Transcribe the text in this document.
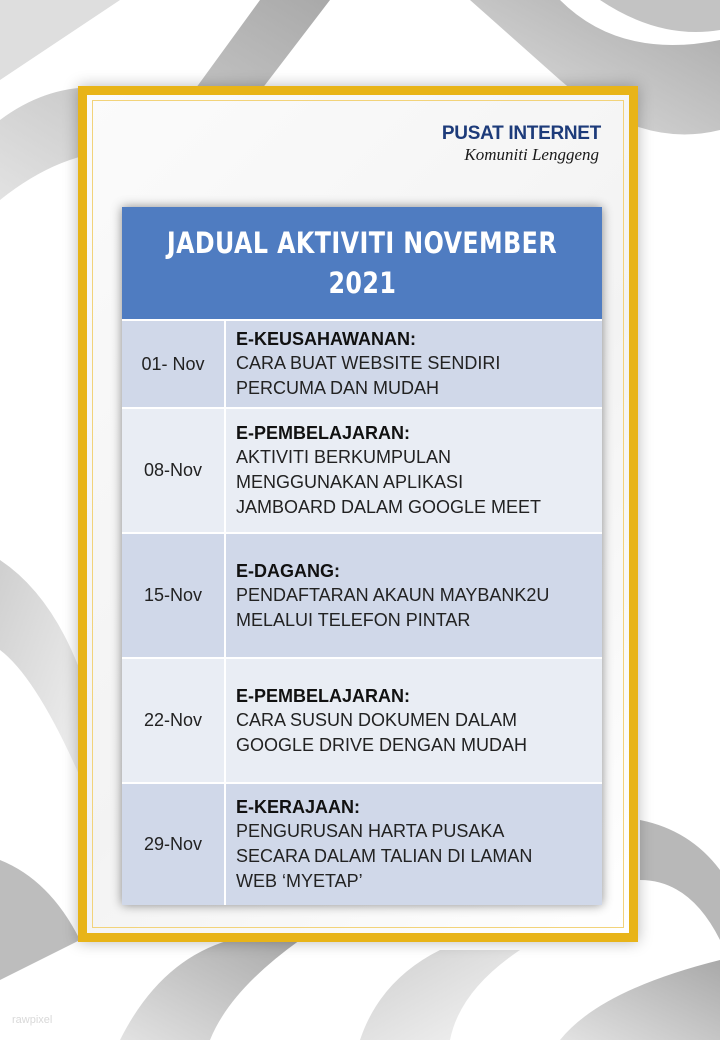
PUSAT INTERNET
Komuniti Lenggeng
JADUAL AKTIVITI NOVEMBER
2021
01- Nov
E-KEUSAHAWANAN:
CARA BUAT WEBSITE SENDIRI
PERCUMA DAN MUDAH
08-Nov
E-PEMBELAJARAN:
AKTIVITI BERKUMPULAN
MENGGUNAKAN APLIKASI
JAMBOARD DALAM GOOGLE MEET
15-Nov
E-DAGANG:
PENDAFTARAN AKAUN MAYBANK2U
MELALUI TELEFON PINTAR
22-Nov
E-PEMBELAJARAN:
CARA SUSUN DOKUMEN DALAM
GOOGLE DRIVE DENGAN MUDAH
29-Nov
E-KERAJAAN:
PENGURUSAN HARTA PUSAKA
SECARA DALAM TALIAN DI LAMAN
WEB ‘MYETAP’
rawpixel
